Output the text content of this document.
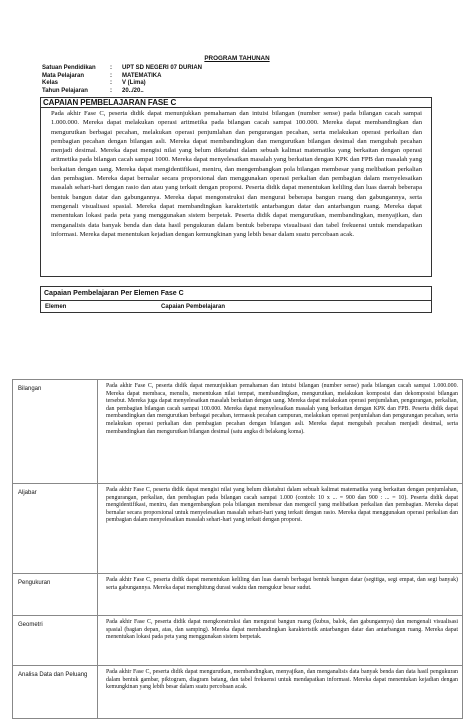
PROGRAM TAHUNAN
Satuan Pendidikan	:	UPT SD NEGERI 07 DURIAN
Mata Pelajaran	:	MATEMATIKA
Kelas	:	V (Lima)
Tahun Pelajaran	:	20../20..
CAPAIAN PEMBELAJARAN FASE C
Pada akhir Fase C, peserta didik dapat menunjukkan pemahaman dan intuisi bilangan (number sense) pada bilangan cacah sampai 1.000.000. Mereka dapat melakukan operasi aritmetika pada bilangan cacah sampai 100.000. Mereka dapat membandingkan dan mengurutkan berbagai pecahan, melakukan operasi penjumlahan dan pengurangan pecahan, serta melakukan operasi perkalian dan pembagian pecahan dengan bilangan asli. Mereka dapat membandingkan dan mengurutkan bilangan desimal dan mengubah pecahan menjadi desimal. Mereka dapat mengisi nilai yang belum diketahui dalam sebuah kalimat matematika yang berkaitan dengan operasi aritmetika pada bilangan cacah sampai 1000. Mereka dapat menyelesaikan masalah yang berkaitan dengan KPK dan FPB dan masalah yang berkaitan dengan uang. Mereka dapat mengidentifikasi, meniru, dan mengembangkan pola bilangan membesar yang melibatkan perkalian dan pembagian. Mereka dapat bernalar secara proporsional dan menggunakan operasi perkalian dan pembagian dalam menyelesaikan masalah sehari-hari dengan rasio dan atau yang terkait dengan proporsi. Peserta didik dapat menentukan keliling dan luas daerah beberapa bentuk bangun datar dan gabungannya. Mereka dapat mengonstruksi dan mengurai beberapa bangun ruang dan gabungannya, serta mengenali visualisasi spasial. Mereka dapat membandingkan karakteristik antarbangun datar dan antarbangun ruang. Mereka dapat menentukan lokasi pada peta yang menggunakan sistem berpetak. Peserta didik dapat mengurutkan, membandingkan, menyajikan, dan menganalisis data banyak benda dan data hasil pengukuran dalam bentuk beberapa visualisasi dan tabel frekuensi untuk mendapatkan informasi. Mereka dapat menentukan kejadian dengan kemungkinan yang lebih besar dalam suatu percobaan acak.
Capaian Pembelajaran Per Elemen Fase C
Elemen	Capaian Pembelajaran
Bilangan	Pada akhir Fase C, peserta didik dapat menunjukkan pemahaman dan intuisi bilangan (number sense) pada bilangan cacah sampai 1.000.000. Mereka dapat membaca, menulis, menentukan nilai tempat, membandingkan, mengurutkan, melakukan komposisi dan dekomposisi bilangan tersebut. Mereka juga dapat menyelesaikan masalah berkaitan dengan uang. Mereka dapat melakukan operasi penjumlahan, pengurangan, perkalian, dan pembagian bilangan cacah sampai 100.000. Mereka dapat menyelesaikan masalah yang berkaitan dengan KPK dan FPB. Peserta didik dapat membandingkan dan mengurutkan berbagai pecahan, termasuk pecahan campuran, melakukan operasi penjumlahan dan pengurangan pecahan, serta melakukan operasi perkalian dan pembagian pecahan dengan bilangan asli. Mereka dapat mengubah pecahan menjadi desimal, serta membandingkan dan mengurutkan bilangan desimal (satu angka di belakang koma).
Aljabar	Pada akhir Fase C, peserta didik dapat mengisi nilai yang belum diketahui dalam sebuah kalimat matematika yang berkaitan dengan penjumlahan, pengurangan, perkalian, dan pembagian pada bilangan cacah sampai 1.000 (contoh: 10 x ... = 900 dan 900 : ... = 10). Peserta didik dapat mengidentifikasi, meniru, dan mengembangkan pola bilangan membesar dan mengecil yang melibatkan perkalian dan pembagian. Mereka dapat bernalar secara proporsional untuk menyelesaikan masalah sehari-hari yang terkait dengan rasio. Mereka dapat menggunakan operasi perkalian dan pembagian dalam menyelesaikan masalah sehari-hari yang terkait dengan proporsi.
Pengukuran	Pada akhir Fase C, peserta didik dapat menentukan keliling dan luas daerah berbagai bentuk bangun datar (segitiga, segi empat, dan segi banyak) serta gabungannya. Mereka dapat menghitung durasi waktu dan mengukur besar sudut.
Geometri	Pada akhir Fase C, peserta didik dapat mengkonstruksi dan mengurai bangun ruang (kubus, balok, dan gabungannya) dan mengenali visualisasi spasial (bagian depan, atas, dan samping). Mereka dapat membandingkan karakteristik antarbangun datar dan antarbangun ruang. Mereka dapat menentukan lokasi pada peta yang menggunakan sistem berpetak.
Analisa Data dan Peluang	Pada akhir Fase C, peserta didik dapat mengurutkan, membandingkan, menyajikan, dan menganalisis data banyak benda dan data hasil pengukuran dalam bentuk gambar, piktogram, diagram batang, dan tabel frekuensi untuk mendapatkan informasi. Mereka dapat menentukan kejadian dengan kemungkinan yang lebih besar dalam suatu percobaan acak.
